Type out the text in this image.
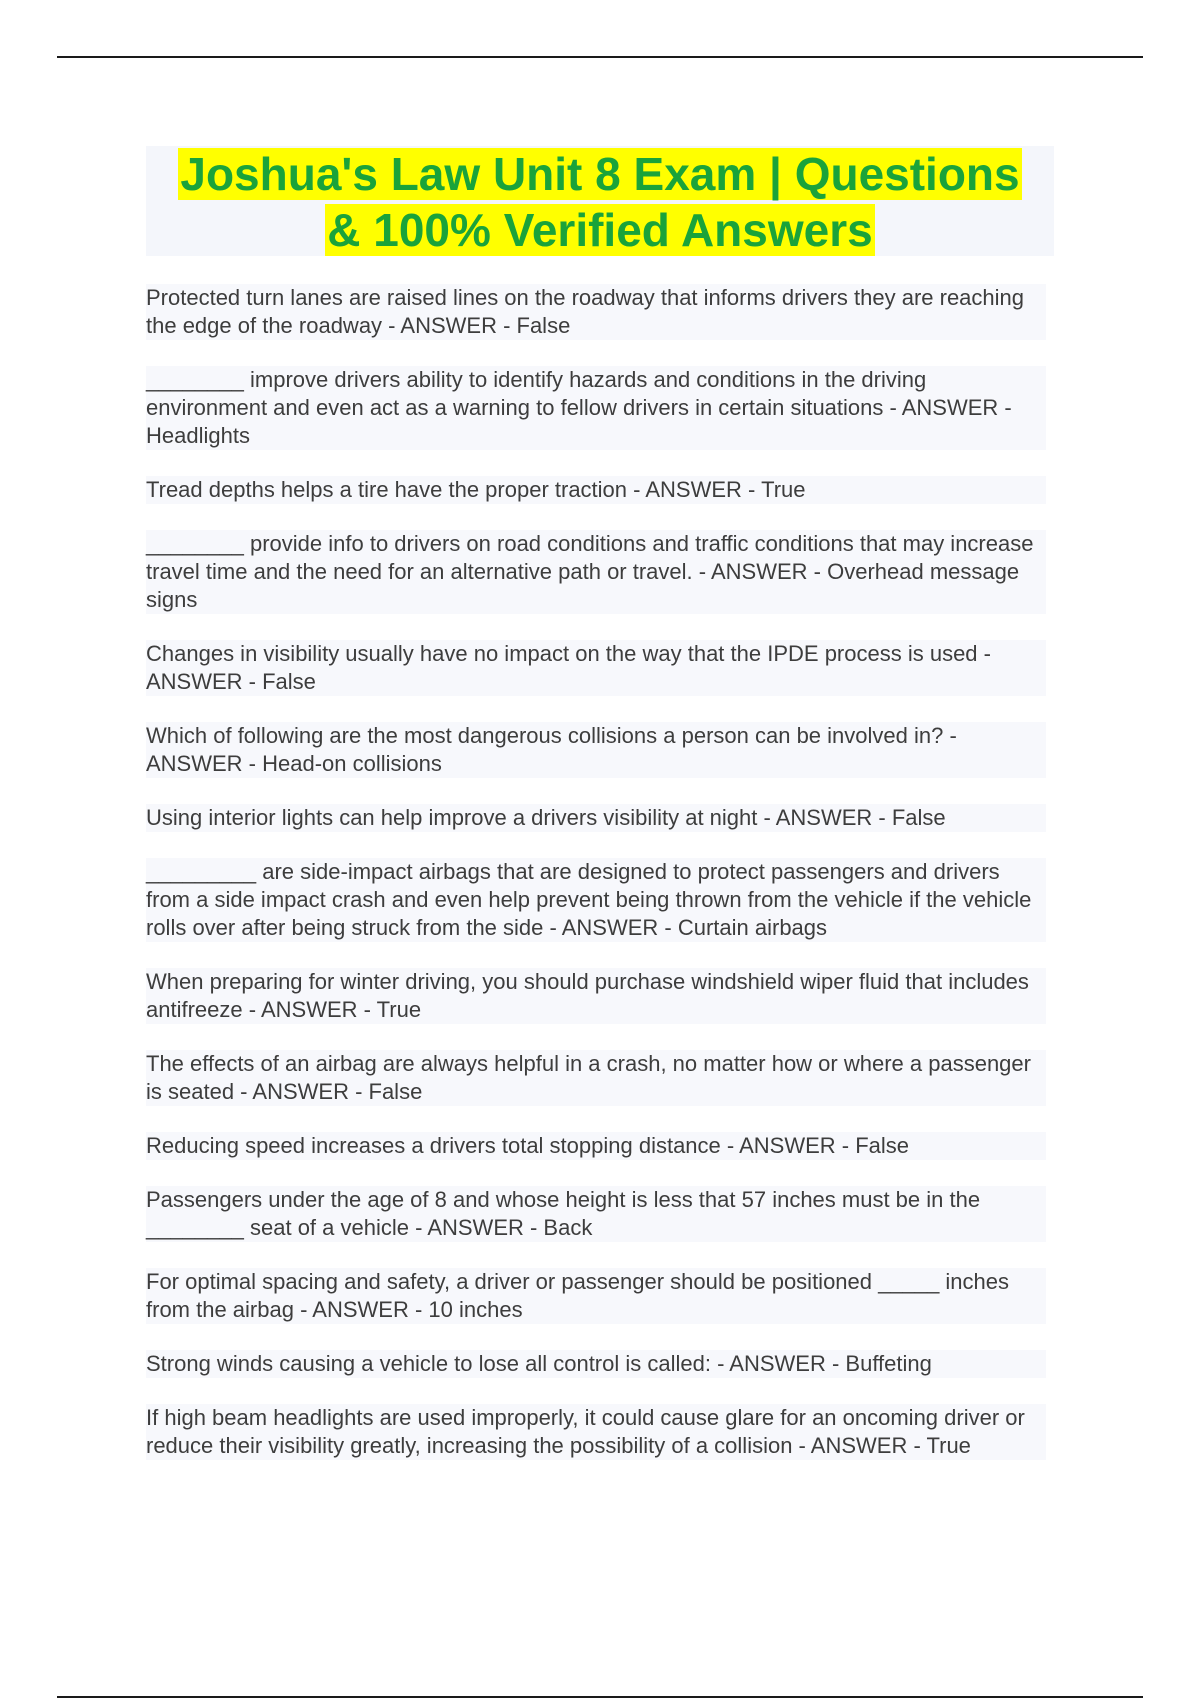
Joshua's Law Unit 8 Exam | Questions
& 100% Verified Answers
Protected turn lanes are raised lines on the roadway that informs drivers they are reaching the edge of the roadway - ANSWER - False
________ improve drivers ability to identify hazards and conditions in the driving environment and even act as a warning to fellow drivers in certain situations - ANSWER - Headlights
Tread depths helps a tire have the proper traction - ANSWER - True
________ provide info to drivers on road conditions and traffic conditions that may increase travel time and the need for an alternative path or travel. - ANSWER - Overhead message signs
Changes in visibility usually have no impact on the way that the IPDE process is used - ANSWER - False
Which of following are the most dangerous collisions a person can be involved in? - ANSWER - Head-on collisions
Using interior lights can help improve a drivers visibility at night - ANSWER - False
_________ are side-impact airbags that are designed to protect passengers and drivers from a side impact crash and even help prevent being thrown from the vehicle if the vehicle rolls over after being struck from the side - ANSWER - Curtain airbags
When preparing for winter driving, you should purchase windshield wiper fluid that includes antifreeze - ANSWER - True
The effects of an airbag are always helpful in a crash, no matter how or where a passenger is seated - ANSWER - False
Reducing speed increases a drivers total stopping distance - ANSWER - False
Passengers under the age of 8 and whose height is less that 57 inches must be in the ________ seat of a vehicle - ANSWER - Back
For optimal spacing and safety, a driver or passenger should be positioned _____ inches from the airbag - ANSWER - 10 inches
Strong winds causing a vehicle to lose all control is called: - ANSWER - Buffeting
If high beam headlights are used improperly, it could cause glare for an oncoming driver or reduce their visibility greatly, increasing the possibility of a collision - ANSWER - True
